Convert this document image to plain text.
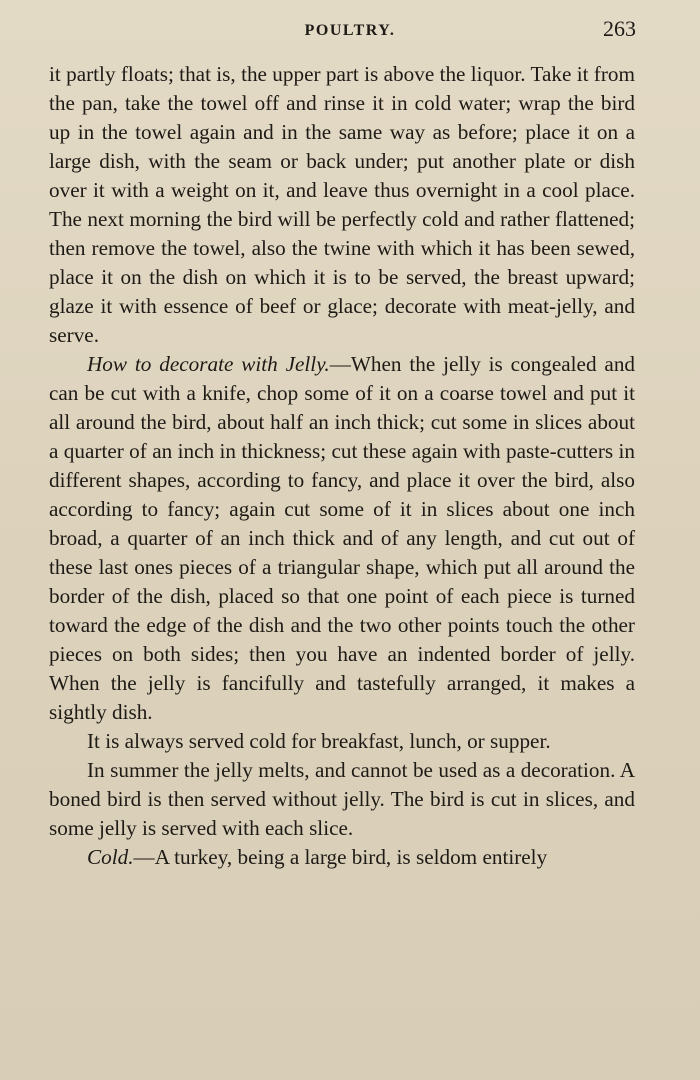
POULTRY.	263

it partly floats; that is, the upper part is above the liquor. Take it from the pan, take the towel off and rinse it in cold water; wrap the bird up in the towel again and in the same way as before; place it on a large dish, with the seam or back under; put another plate or dish over it with a weight on it, and leave thus overnight in a cool place. The next morning the bird will be perfectly cold and rather flattened; then remove the towel, also the twine with which it has been sewed, place it on the dish on which it is to be served, the breast upward; glaze it with essence of beef or glace; decorate with meat-jelly, and serve.

How to decorate with Jelly.—When the jelly is congealed and can be cut with a knife, chop some of it on a coarse towel and put it all around the bird, about half an inch thick; cut some in slices about a quarter of an inch in thickness; cut these again with paste-cutters in different shapes, according to fancy, and place it over the bird, also according to fancy; again cut some of it in slices about one inch broad, a quarter of an inch thick and of any length, and cut out of these last ones pieces of a triangular shape, which put all around the border of the dish, placed so that one point of each piece is turned toward the edge of the dish and the two other points touch the other pieces on both sides; then you have an indented border of jelly. When the jelly is fancifully and tastefully arranged, it makes a sightly dish.

It is always served cold for breakfast, lunch, or supper.

In summer the jelly melts, and cannot be used as a decoration. A boned bird is then served without jelly. The bird is cut in slices, and some jelly is served with each slice.

Cold.—A turkey, being a large bird, is seldom entirely
